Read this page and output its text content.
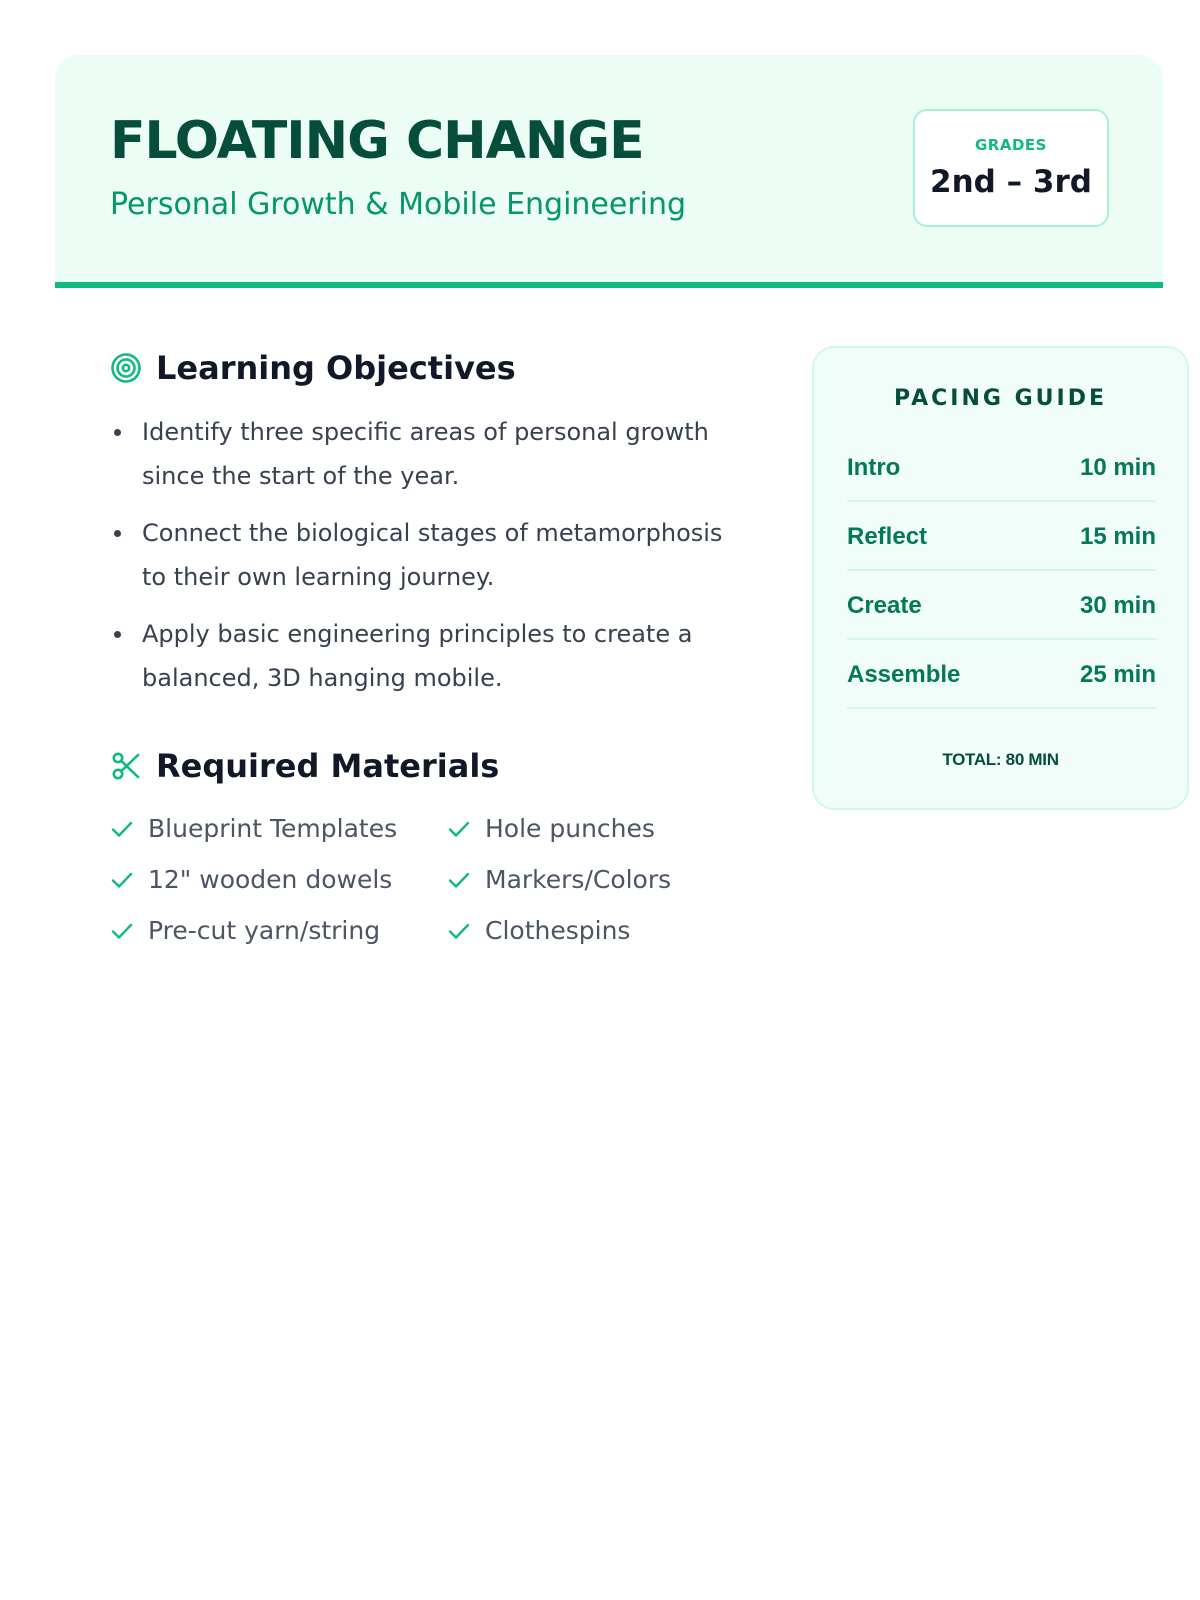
FLOATING CHANGE
Personal Growth & Mobile Engineering
GRADES
2nd – 3rd
Learning Objectives
Identify three specific areas of personal growth since the start of the year.
Connect the biological stages of metamorphosis to their own learning journey.
Apply basic engineering principles to create a balanced, 3D hanging mobile.
Required Materials
Blueprint Templates	Hole punches
12" wooden dowels	Markers/Colors
Pre-cut yarn/string	Clothespins
PACING GUIDE
Intro	10 min
Reflect	15 min
Create	30 min
Assemble	25 min
TOTAL: 80 MIN
